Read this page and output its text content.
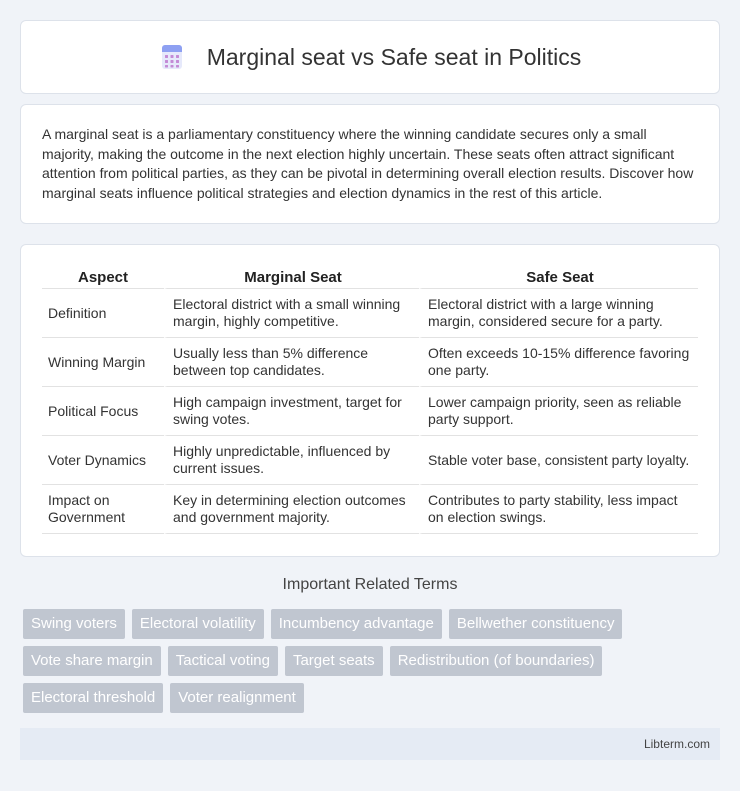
Marginal seat vs Safe seat in Politics

A marginal seat is a parliamentary constituency where the winning candidate secures only a small majority, making the outcome in the next election highly uncertain. These seats often attract significant attention from political parties, as they can be pivotal in determining overall election results. Discover how marginal seats influence political strategies and election dynamics in the rest of this article.

Aspect	Marginal Seat	Safe Seat
Definition	Electoral district with a small winning margin, highly competitive.	Electoral district with a large winning margin, considered secure for a party.
Winning Margin	Usually less than 5% difference between top candidates.	Often exceeds 10-15% difference favoring one party.
Political Focus	High campaign investment, target for swing votes.	Lower campaign priority, seen as reliable party support.
Voter Dynamics	Highly unpredictable, influenced by current issues.	Stable voter base, consistent party loyalty.
Impact on Government	Key in determining election outcomes and government majority.	Contributes to party stability, less impact on election swings.
Important Related Terms
Swing voters	Electoral volatility	Incumbency advantage	Bellwether constituency
Vote share margin	Tactical voting	Target seats	Redistribution (of boundaries)
Electoral threshold	Voter realignment
Libterm.com
